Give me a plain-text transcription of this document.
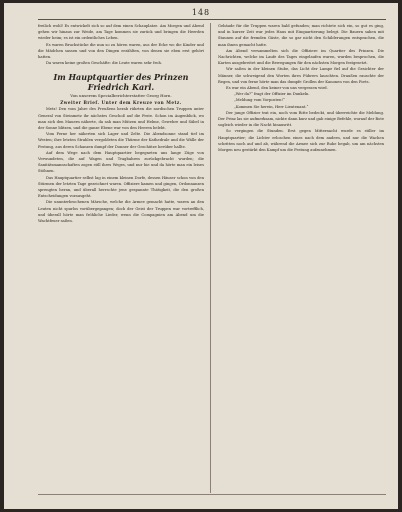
148

freilich wohl! Es entwickelt sich so auf dem einen Schauplatze. Am Morgen und Abend gehen wir hinaus zur Weide, am Tage kommen sie zurück und bringen die Heerden wieder heim; es ist ein ordentliches Leben.

Es waren Bruchstücke die nun so zu hören waren, aus der Ecke wo die Kinder und die Mädchen sassen und von den Dingen erzählten, von denen sie eben erst gehört hatten.

Da waren keine großen Geschäfte: die Leute waren sehr froh.

Im Hauptquartier des Prinzen Friedrich Karl.
Von unserem Specialberichterstatter Georg Horn.
Zweiter Brief. Unter dem Kreuze von Metz.

Metz! Den vom Jahre des Preußens herab rührten die nordischen Truppen unter General von Steinmetz ihr nächstes Geschoß auf die Feste. Schon im Augenblick, wo man sich den Mauern näherte, da sah man Mützen und Helme, Gewehre und Säbel in der Sonne blitzen, und die ganze Ebene war von den Heeren belebt.

Vom Ferne her näherten sich Lager und Zelte. Die Abendsonne stand tief im Westen; ihre letzten Strahlen vergoldeten die Thürme der Kathedrale und die Wälle der Festung, aus deren Schanzen dumpf der Donner der Geschütze herüber hallte.

Auf dem Wege nach dem Hauptquartier begegneten uns lange Züge von Verwundeten, die auf Wagen und Tragbahren zurückgebracht wurden; die Sanitätsmannschaften zogen still ihres Weges, und nur hie und da hörte man ein leises Stöhnen.

Das Hauptquartier selbst lag in einem kleinen Dorfe, dessen Häuser schon von den Stürmen der letzten Tage gezeichnet waren. Offiziere kamen und gingen, Ordonnanzen sprengten heran, und überall herrschte jene gespannte Thätigkeit, die den großen Entscheidungen vorausgeht.

Die ununterbrochenen Märsche, welche die Armee gemacht hatte, waren an den Leuten nicht spurlos vorübergegangen; doch der Geist der Truppen war vortrefflich, und überall hörte man fröhliche Lieder, wenn die Compagnien am Abend um die Wachtfeuer saßen.

Gebäude für die Truppen waren bald gefunden; man richtete sich ein, so gut es ging, und in kurzer Zeit war jedes Haus mit Einquartierung belegt. Die Bauern sahen mit Staunen auf die fremden Gäste, die so gar nicht den Schilderungen entsprachen, die man ihnen gemacht hatte.

Am Abend versammelten sich die Offiziere im Quartier des Prinzen. Die Nachrichten, welche im Laufe des Tages eingelaufen waren, wurden besprochen, die Karten ausgebreitet und die Bewegungen für den nächsten Morgen festgesetzt.

Wir saßen in der kleinen Stube, das Licht der Lampe fiel auf die Gesichter der Männer, die schweigend den Worten ihres Führers lauschten. Draußen rauschte der Regen, und von ferne hörte man das dumpfe Grollen der Kanonen von den Forts.

Es war ein Abend, den keiner von uns vergessen wird.

„Wer da?“ fragt der Offizier im Dunkeln.

„Meldung vom Vorposten!“

„Kommen Sie herein, Herr Lieutenant.“

Der junge Offizier trat ein, noch vom Ritte bedeckt, und überreichte die Meldung. Der Prinz las sie aufmerksam, nickte dann kurz und gab einige Befehle, worauf der Bote sogleich wieder in die Nacht hinausritt.

So vergingen die Stunden. Erst gegen Mitternacht wurde es stiller im Hauptquartier; die Lichter erloschen eines nach dem andern, und nur die Wachen schritten noch auf und ab, während die Armee sich zur Ruhe begab, um am nächsten Morgen neu gestärkt den Kampf um die Festung aufzunehmen.
